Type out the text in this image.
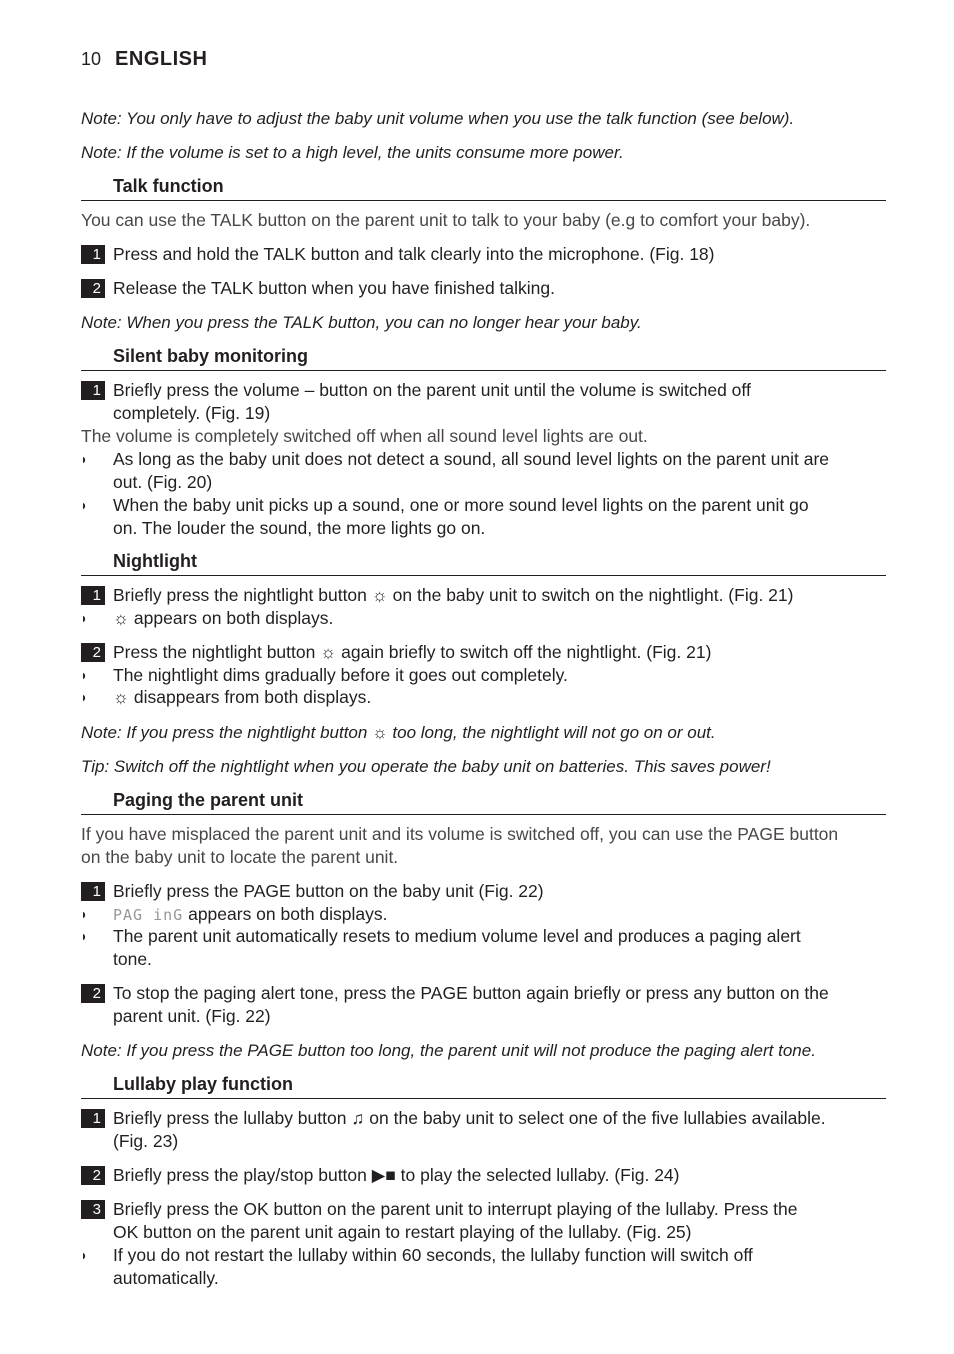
10 ENGLISH
Note: You only have to adjust the baby unit volume when you use the talk function (see below).
Note: If the volume is set to a high level, the units consume more power.
Talk function
You can use the TALK button on the parent unit to talk to your baby (e.g to comfort your baby).
1 Press and hold the TALK button and talk clearly into the microphone. (Fig. 18)
2 Release the TALK button when you have finished talking.
Note: When you press the TALK button, you can no longer hear your baby.
Silent baby monitoring
1 Briefly press the volume – button on the parent unit until the volume is switched off
completely. (Fig. 19)
The volume is completely switched off when all sound level lights are out.
◗ As long as the baby unit does not detect a sound, all sound level lights on the parent unit are
out. (Fig. 20)
◗ When the baby unit picks up a sound, one or more sound level lights on the parent unit go
on. The louder the sound, the more lights go on.
Nightlight
1 Briefly press the nightlight button ☼ on the baby unit to switch on the nightlight. (Fig. 21)
◗ ☼ appears on both displays.
2 Press the nightlight button ☼ again briefly to switch off the nightlight. (Fig. 21)
◗ The nightlight dims gradually before it goes out completely.
◗ ☼ disappears from both displays.
Note: If you press the nightlight button ☼ too long, the nightlight will not go on or out.
Tip: Switch off the nightlight when you operate the baby unit on batteries. This saves power!
Paging the parent unit
If you have misplaced the parent unit and its volume is switched off, you can use the PAGE button
on the baby unit to locate the parent unit.
1 Briefly press the PAGE button on the baby unit (Fig. 22)
◗ PAG inG appears on both displays.
◗ The parent unit automatically resets to medium volume level and produces a paging alert
tone.
2 To stop the paging alert tone, press the PAGE button again briefly or press any button on the
parent unit. (Fig. 22)
Note: If you press the PAGE button too long, the parent unit will not produce the paging alert tone.
Lullaby play function
1 Briefly press the lullaby button ♫ on the baby unit to select one of the five lullabies available.
(Fig. 23)
2 Briefly press the play/stop button ▶■ to play the selected lullaby. (Fig. 24)
3 Briefly press the OK button on the parent unit to interrupt playing of the lullaby. Press the
OK button on the parent unit again to restart playing of the lullaby. (Fig. 25)
◗ If you do not restart the lullaby within 60 seconds, the lullaby function will switch off
automatically.
